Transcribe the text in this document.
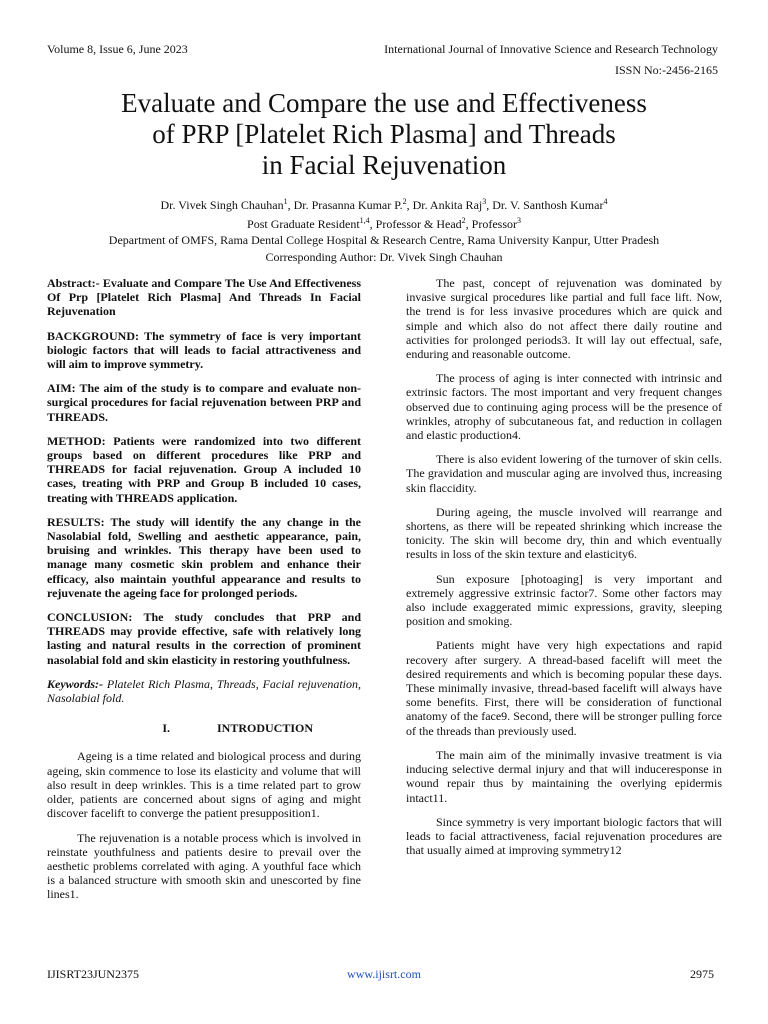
Volume 8, Issue 6, June 2023	International Journal of Innovative Science and Research Technology
ISSN No:-2456-2165
Evaluate and Compare the use and Effectiveness
of PRP [Platelet Rich Plasma] and Threads
in Facial Rejuvenation
Dr. Vivek Singh Chauhan$^1$, Dr. Prasanna Kumar P.$^2$, Dr. Ankita Raj$^3$, Dr. V. Santhosh Kumar$^4$
Post Graduate Resident$^{1,4}$, Professor & Head$^2$, Professor$^3$
Department of OMFS, Rama Dental College Hospital & Research Centre, Rama University Kanpur, Utter Pradesh
Corresponding Author: Dr. Vivek Singh Chauhan

Abstract:- Evaluate and Compare The Use And Effectiveness Of Prp [Platelet Rich Plasma] And Threads In Facial Rejuvenation

BACKGROUND: The symmetry of face is very important biologic factors that will leads to facial attractiveness and will aim to improve symmetry.

AIM: The aim of the study is to compare and evaluate non-surgical procedures for facial rejuvenation between PRP and THREADS.

METHOD: Patients were randomized into two different groups based on different procedures like PRP and THREADS for facial rejuvenation. Group A included 10 cases, treating with PRP and Group B included 10 cases, treating with THREADS application.

RESULTS: The study will identify the any change in the Nasolabial fold, Swelling and aesthetic appearance, pain, bruising and wrinkles. This therapy have been used to manage many cosmetic skin problem and enhance their efficacy, also maintain youthful appearance and results to rejuvenate the ageing face for prolonged periods.

CONCLUSION: The study concludes that PRP and THREADS may provide effective, safe with relatively long lasting and natural results in the correction of prominent nasolabial fold and skin elasticity in restoring youthfulness.

Keywords:- Platelet Rich Plasma, Threads, Facial rejuvenation, Nasolabial fold.

I.	INTRODUCTION

Ageing is a time related and biological process and during ageing, skin commence to lose its elasticity and volume that will also result in deep wrinkles. This is a time related part to grow older, patients are concerned about signs of aging and might discover facelift to converge the patient presupposition1.

The rejuvenation is a notable process which is involved in reinstate youthfulness and patients desire to prevail over the aesthetic problems correlated with aging. A youthful face which is a balanced structure with smooth skin and unescorted by fine lines1.

The past, concept of rejuvenation was dominated by invasive surgical procedures like partial and full face lift. Now, the trend is for less invasive procedures which are quick and simple and which also do not affect there daily routine and activities for prolonged periods3. It will lay out effectual, safe, enduring and reasonable outcome.

The process of aging is inter connected with intrinsic and extrinsic factors. The most important and very frequent changes observed due to continuing aging process will be the presence of wrinkles, atrophy of subcutaneous fat, and reduction in collagen and elastic production4.

There is also evident lowering of the turnover of skin cells. The gravidation and muscular aging are involved thus, increasing skin flaccidity.

During ageing, the muscle involved will rearrange and shortens, as there will be repeated shrinking which increase the tonicity. The skin will become dry, thin and which eventually results in loss of the skin texture and elasticity6.

Sun exposure [photoaging] is very important and extremely aggressive extrinsic factor7. Some other factors may also include exaggerated mimic expressions, gravity, sleeping position and smoking.

Patients might have very high expectations and rapid recovery after surgery. A thread-based facelift will meet the desired requirements and which is becoming popular these days. These minimally invasive, thread-based facelift will always have some benefits. First, there will be consideration of functional anatomy of the face9. Second, there will be stronger pulling force of the threads than previously used.

The main aim of the minimally invasive treatment is via inducing selective dermal injury and that will induceresponse in wound repair thus by maintaining the overlying epidermis intact11.

Since symmetry is very important biologic factors that will leads to facial attractiveness, facial rejuvenation procedures are that usually aimed at improving symmetry12

IJISRT23JUN2375	www.ijisrt.com	2975
